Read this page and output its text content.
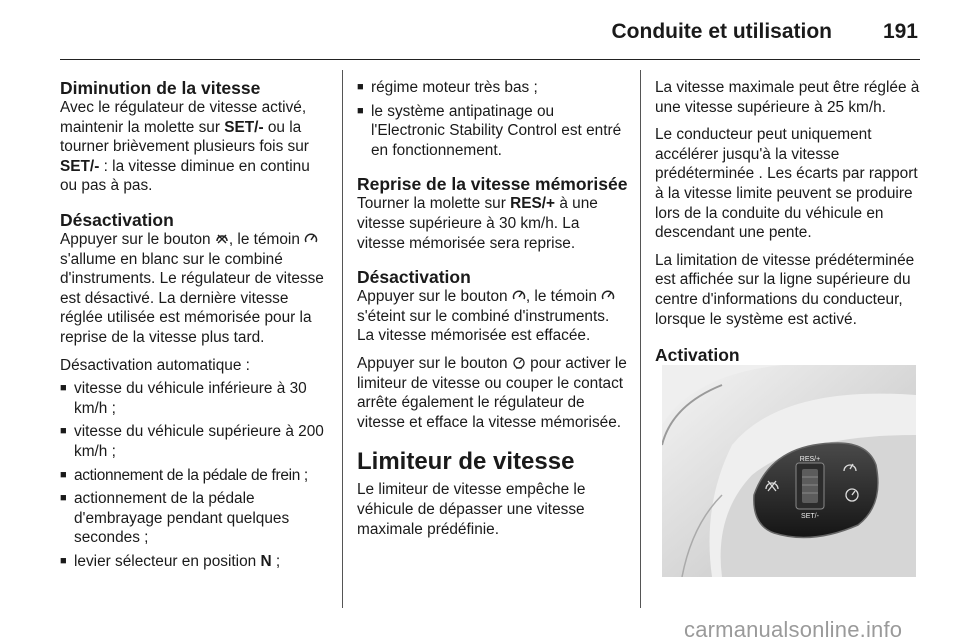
Conduite et utilisation 191
Diminution de la vitesse

Avec le régulateur de vitesse activé, maintenir la molette sur SET/- ou la tourner brièvement plusieurs fois sur SET/- : la vitesse diminue en continu ou pas à pas.

Désactivation

Appuyer sur le bouton , le témoin  s'allume en blanc sur le combiné d'instruments. Le régulateur de vitesse est désactivé. La dernière vitesse réglée utilisée est mémorisée pour la reprise de la vitesse plus tard.

Désactivation automatique :

■ vitesse du véhicule inférieure à 30 km/h ;
■ vitesse du véhicule supérieure à 200 km/h ;
■ actionnement de la pédale de frein ;
■ actionnement de la pédale d'embrayage pendant quelques secondes ;
■ levier sélecteur en position N ;
■ régime moteur très bas ;
■ le système antipatinage ou l'Electronic Stability Control est entré en fonctionnement.
Reprise de la vitesse mémorisée

Tourner la molette sur RES/+ à une vitesse supérieure à 30 km/h. La vitesse mémorisée sera reprise.

Désactivation

Appuyer sur le bouton , le témoin  s'éteint sur le combiné d'instruments. La vitesse mémorisée est effacée.

Appuyer sur le bouton  pour activer le limiteur de vitesse ou couper le contact arrête également le régulateur de vitesse et efface la vitesse mémorisée.

Limiteur de vitesse

Le limiteur de vitesse empêche le véhicule de dépasser une vitesse maximale prédéfinie.

La vitesse maximale peut être réglée à une vitesse supérieure à 25 km/h.

Le conducteur peut uniquement accélérer jusqu'à la vitesse prédéterminée . Les écarts par rapport à la vitesse limite peuvent se produire lors de la conduite du véhicule en descendant une pente.

La limitation de vitesse prédéterminée est affichée sur la ligne supérieure du centre d'informations du conducteur, lorsque le système est activé.

Activation
RES/+
SET/-
carmanualsonline.info
